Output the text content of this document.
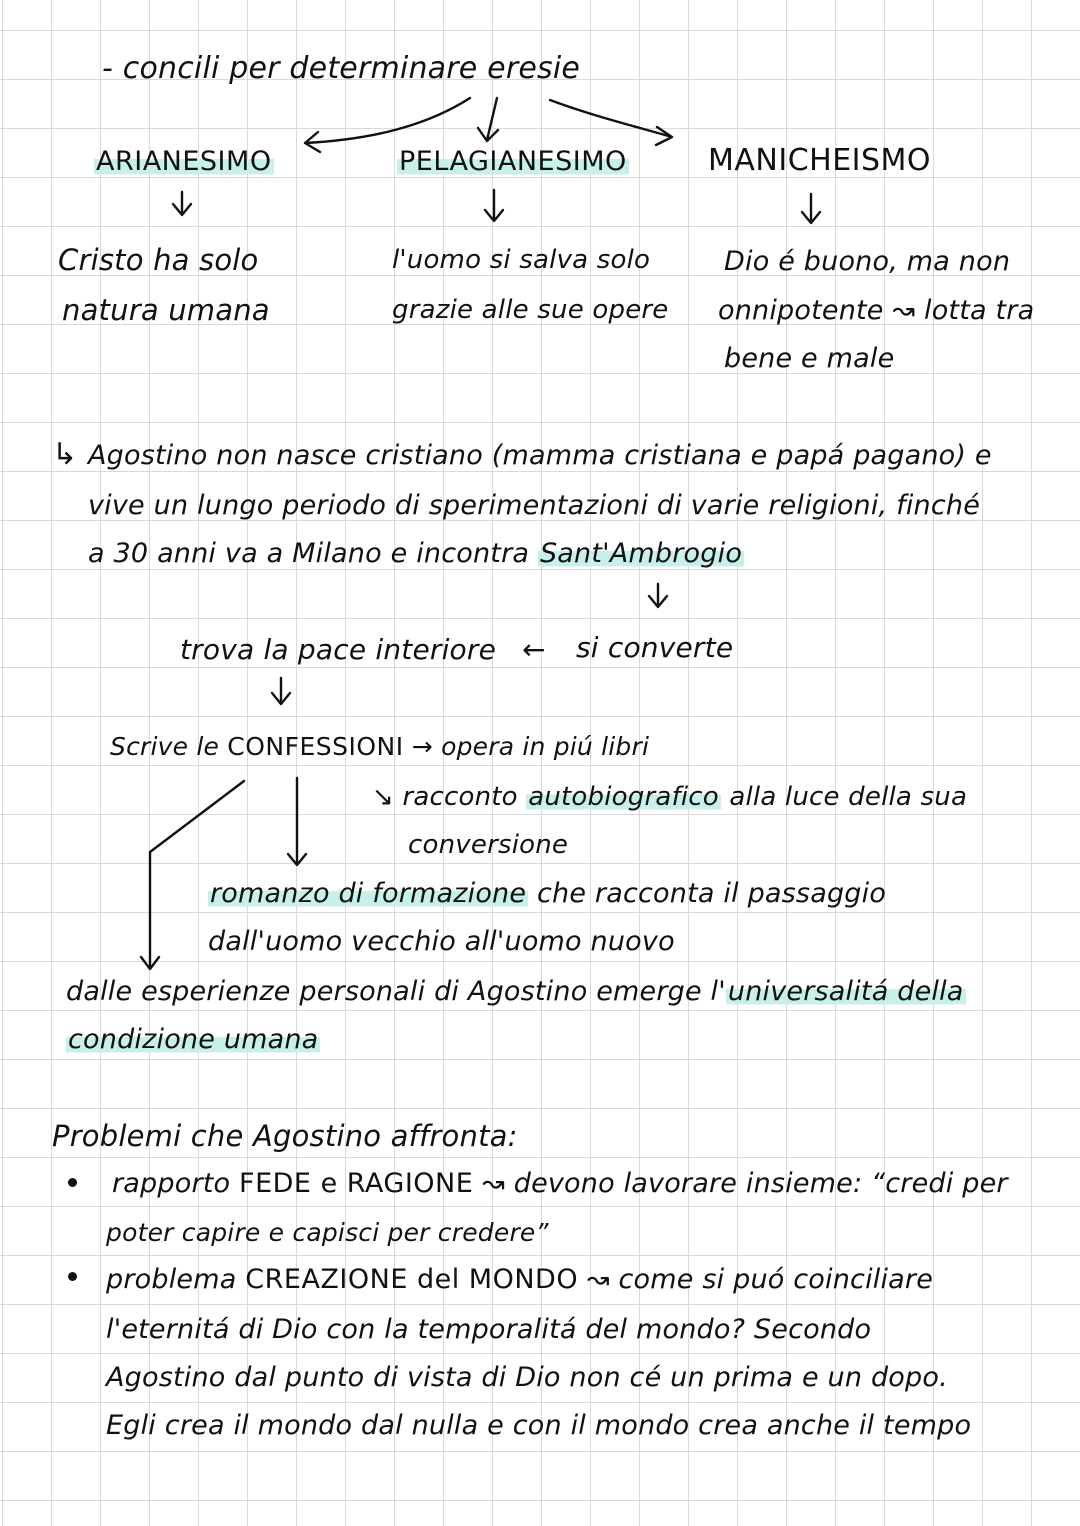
- concili per determinare eresie
ARIANESIMO	PELAGIANESIMO	MANICHEISMO
Cristo ha solo
natura umana
l'uomo si salva solo
grazie alle sue opere
Dio é buono, ma non
onnipotente ↝ lotta tra
bene e male
↳ Agostino non nasce cristiano (mamma cristiana e papá pagano) e
vive un lungo periodo di sperimentazioni di varie religioni, finché
a 30 anni va a Milano e incontra Sant'Ambrogio
trova la pace interiore ← si converte
Scrive le CONFESSIONI → opera in piú libri
↘ racconto autobiografico alla luce della sua
conversione
romanzo di formazione che racconta il passaggio
dall'uomo vecchio all'uomo nuovo
dalle esperienze personali di Agostino emerge l'universalitá della
condizione umana
Problemi che Agostino affronta:
rapporto FEDE e RAGIONE ↝ devono lavorare insieme: “credi per
poter capire e capisci per credere”
problema CREAZIONE del MONDO ↝ come si puó coinciliare
l'eternitá di Dio con la temporalitá del mondo? Secondo
Agostino dal punto di vista di Dio non cé un prima e un dopo.
Egli crea il mondo dal nulla e con il mondo crea anche il tempo
